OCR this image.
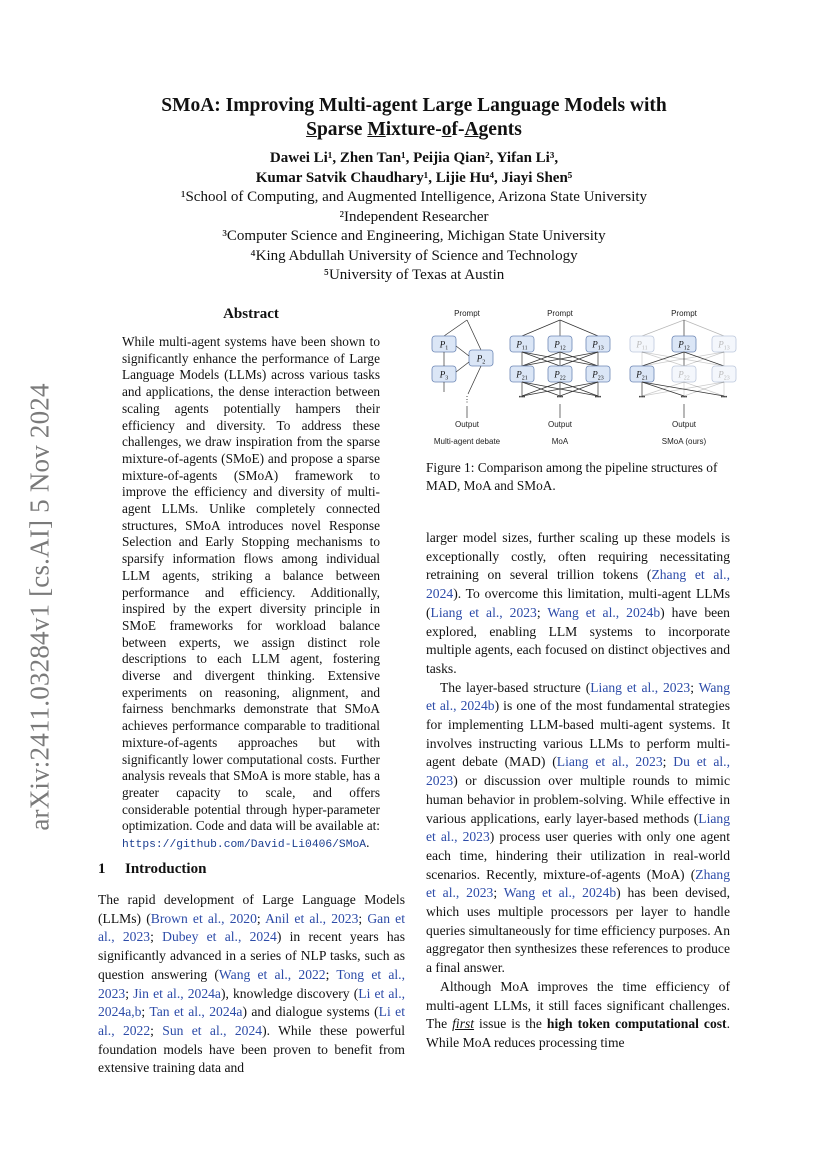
arXiv:2411.03284v1 [cs.AI] 5 Nov 2024
SMoA: Improving Multi-agent Large Language Models with
Sparse Mixture-of-Agents
Dawei Li¹, Zhen Tan¹, Peijia Qian², Yifan Li³,
Kumar Satvik Chaudhary¹, Lijie Hu⁴, Jiayi Shen⁵
¹School of Computing, and Augmented Intelligence, Arizona State University
²Independent Researcher
³Computer Science and Engineering, Michigan State University
⁴King Abdullah University of Science and Technology
⁵University of Texas at Austin
Abstract

While multi-agent systems have been shown to significantly enhance the performance of Large Language Models (LLMs) across various tasks and applications, the dense interaction between scaling agents potentially hampers their efficiency and diversity. To address these challenges, we draw inspiration from the sparse mixture-of-agents (SMoE) and propose a sparse mixture-of-agents (SMoA) framework to improve the efficiency and diversity of multi-agent LLMs. Unlike completely connected structures, SMoA introduces novel Response Selection and Early Stopping mechanisms to sparsify information flows among individual LLM agents, striking a balance between performance and efficiency. Additionally, inspired by the expert diversity principle in SMoE frameworks for workload balance between experts, we assign distinct role descriptions to each LLM agent, fostering diverse and divergent thinking. Extensive experiments on reasoning, alignment, and fairness benchmarks demonstrate that SMoA achieves performance comparable to traditional mixture-of-agents approaches but with significantly lower computational costs. Further analysis reveals that SMoA is more stable, has a greater capacity to scale, and offers considerable potential through hyper-parameter optimization. Code and data will be available at: https://github.com/David-Li0406/SMoA.

1 Introduction

The rapid development of Large Language Models (LLMs) (Brown et al., 2020; Anil et al., 2023; Gan et al., 2023; Dubey et al., 2024) in recent years has significantly advanced in a series of NLP tasks, such as question answering (Wang et al., 2022; Tong et al., 2023; Jin et al., 2024a), knowledge discovery (Li et al., 2024a,b; Tan et al., 2024a) and dialogue systems (Li et al., 2022; Sun et al., 2024). While these powerful foundation models have been proven to benefit from extensive training data and

larger model sizes, further scaling up these models is exceptionally costly, often requiring necessitating retraining on several trillion tokens (Zhang et al., 2024). To overcome this limitation, multi-agent LLMs (Liang et al., 2023; Wang et al., 2024b) have been explored, enabling LLM systems to incorporate multiple agents, each focused on distinct objectives and tasks.

The layer-based structure (Liang et al., 2023; Wang et al., 2024b) is one of the most fundamental strategies for implementing LLM-based multi-agent systems. It involves instructing various LLMs to perform multi-agent debate (MAD) (Liang et al., 2023; Du et al., 2023) or discussion over multiple rounds to mimic human behavior in problem-solving. While effective in various applications, early layer-based methods (Liang et al., 2023) process user queries with only one agent each time, hindering their utilization in real-world scenarios. Recently, mixture-of-agents (MoA) (Zhang et al., 2023; Wang et al., 2024b) has been devised, which uses multiple processors per layer to handle queries simultaneously for time efficiency purposes. An aggregator then synthesizes these references to produce a final answer.

Although MoA improves the time efficiency of multi-agent LLMs, it still faces significant challenges. The first issue is the high token computational cost. While MoA reduces processing time

Prompt
$P_1$
$P_2$
$P_3$
⋮
Output
Multi-agent debate
Prompt
$P_{11}$	$P_{12}$	$P_{13}$
$P_{21}$	$P_{22}$	$P_{23}$
•••	•••	•••
Output
MoA
Prompt
$P_{11}$	$P_{12}$	$P_{13}$
$P_{21}$	$P_{22}$	$P_{23}$
•••	•••	•••
Output
SMoA (ours)
Figure 1: Comparison among the pipeline structures of MAD, MoA and SMoA.
